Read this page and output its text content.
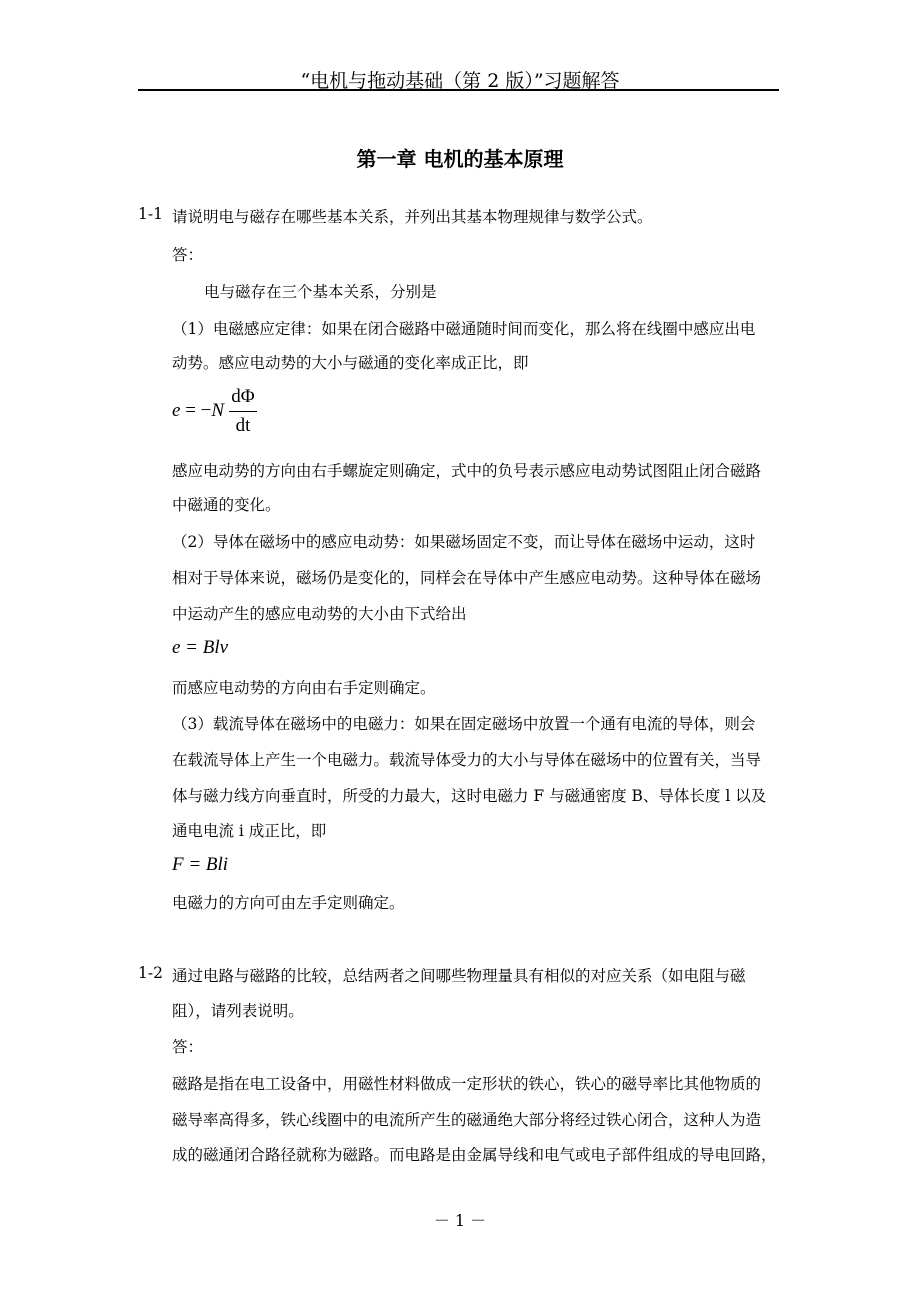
“电机与拖动基础（第 2 版）”习题解答
第一章 电机的基本原理
1-1 请说明电与磁存在哪些基本关系，并列出其基本物理规律与数学公式。
答：
电与磁存在三个基本关系，分别是
（1）电磁感应定律：如果在闭合磁路中磁通随时间而变化，那么将在线圈中感应出电
动势。感应电动势的大小与磁通的变化率成正比，即
e = −N
dΦ
dt
感应电动势的方向由右手螺旋定则确定，式中的负号表示感应电动势试图阻止闭合磁路
中磁通的变化。
（2）导体在磁场中的感应电动势：如果磁场固定不变，而让导体在磁场中运动，这时
相对于导体来说，磁场仍是变化的，同样会在导体中产生感应电动势。这种导体在磁场
中运动产生的感应电动势的大小由下式给出
e = Blv
而感应电动势的方向由右手定则确定。
（3）载流导体在磁场中的电磁力：如果在固定磁场中放置一个通有电流的导体，则会
在载流导体上产生一个电磁力。载流导体受力的大小与导体在磁场中的位置有关，当导
体与磁力线方向垂直时，所受的力最大，这时电磁力 F 与磁通密度 B、导体长度 l 以及
通电电流 i 成正比，即
F = Bli
电磁力的方向可由左手定则确定。
1-2 通过电路与磁路的比较，总结两者之间哪些物理量具有相似的对应关系（如电阻与磁
阻），请列表说明。
答：
磁路是指在电工设备中，用磁性材料做成一定形状的铁心，铁心的磁导率比其他物质的
磁导率高得多，铁心线圈中的电流所产生的磁通绝大部分将经过铁心闭合，这种人为造
成的磁通闭合路径就称为磁路。而电路是由金属导线和电气或电子部件组成的导电回路，
－ 1 －
